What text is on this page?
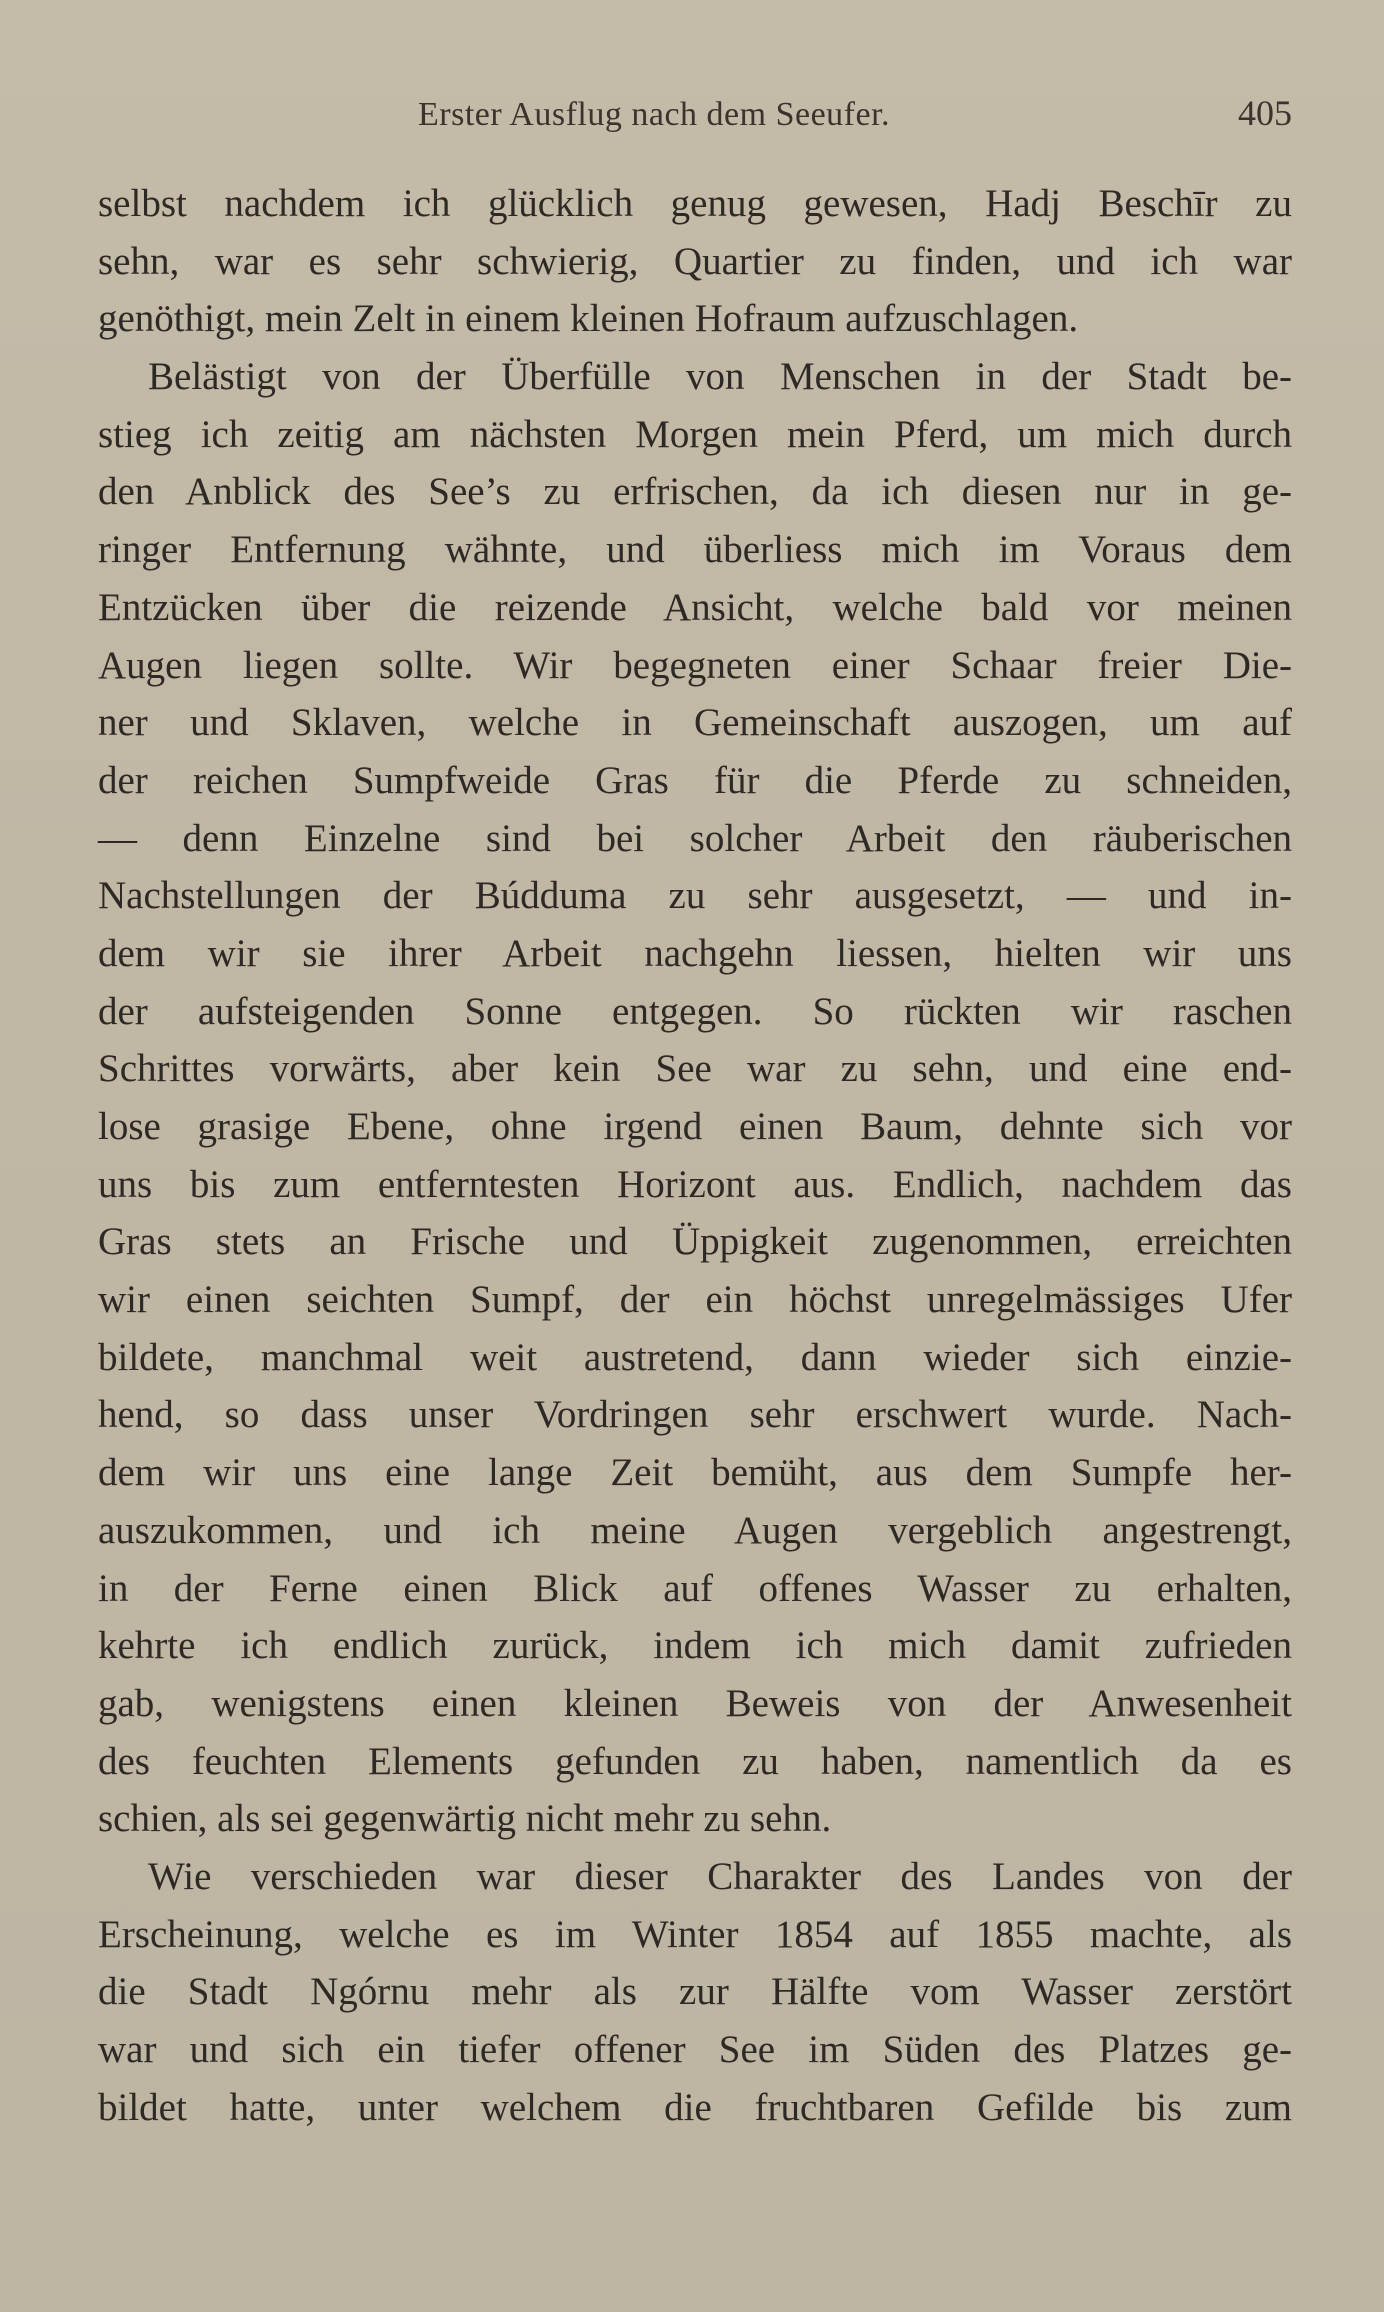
Erster Ausflug nach dem Seeufer.	405
selbst nachdem ich glücklich genug gewesen, Hadj Beschīr zu
sehn, war es sehr schwierig, Quartier zu finden, und ich war
genöthigt, mein Zelt in einem kleinen Hofraum aufzuschlagen.
Belästigt von der Überfülle von Menschen in der Stadt be-
stieg ich zeitig am nächsten Morgen mein Pferd, um mich durch
den Anblick des See’s zu erfrischen, da ich diesen nur in ge-
ringer Entfernung wähnte, und überliess mich im Voraus dem
Entzücken über die reizende Ansicht, welche bald vor meinen
Augen liegen sollte. Wir begegneten einer Schaar freier Die-
ner und Sklaven, welche in Gemeinschaft auszogen, um auf
der reichen Sumpfweide Gras für die Pferde zu schneiden,
— denn Einzelne sind bei solcher Arbeit den räuberischen
Nachstellungen der Búdduma zu sehr ausgesetzt, — und in-
dem wir sie ihrer Arbeit nachgehn liessen, hielten wir uns
der aufsteigenden Sonne entgegen. So rückten wir raschen
Schrittes vorwärts, aber kein See war zu sehn, und eine end-
lose grasige Ebene, ohne irgend einen Baum, dehnte sich vor
uns bis zum entferntesten Horizont aus. Endlich, nachdem das
Gras stets an Frische und Üppigkeit zugenommen, erreichten
wir einen seichten Sumpf, der ein höchst unregelmässiges Ufer
bildete, manchmal weit austretend, dann wieder sich einzie-
hend, so dass unser Vordringen sehr erschwert wurde. Nach-
dem wir uns eine lange Zeit bemüht, aus dem Sumpfe her-
auszukommen, und ich meine Augen vergeblich angestrengt,
in der Ferne einen Blick auf offenes Wasser zu erhalten,
kehrte ich endlich zurück, indem ich mich damit zufrieden
gab, wenigstens einen kleinen Beweis von der Anwesenheit
des feuchten Elements gefunden zu haben, namentlich da es
schien, als sei gegenwärtig nicht mehr zu sehn.
Wie verschieden war dieser Charakter des Landes von der
Erscheinung, welche es im Winter 1854 auf 1855 machte, als
die Stadt Ngórnu mehr als zur Hälfte vom Wasser zerstört
war und sich ein tiefer offener See im Süden des Platzes ge-
bildet hatte, unter welchem die fruchtbaren Gefilde bis zum
